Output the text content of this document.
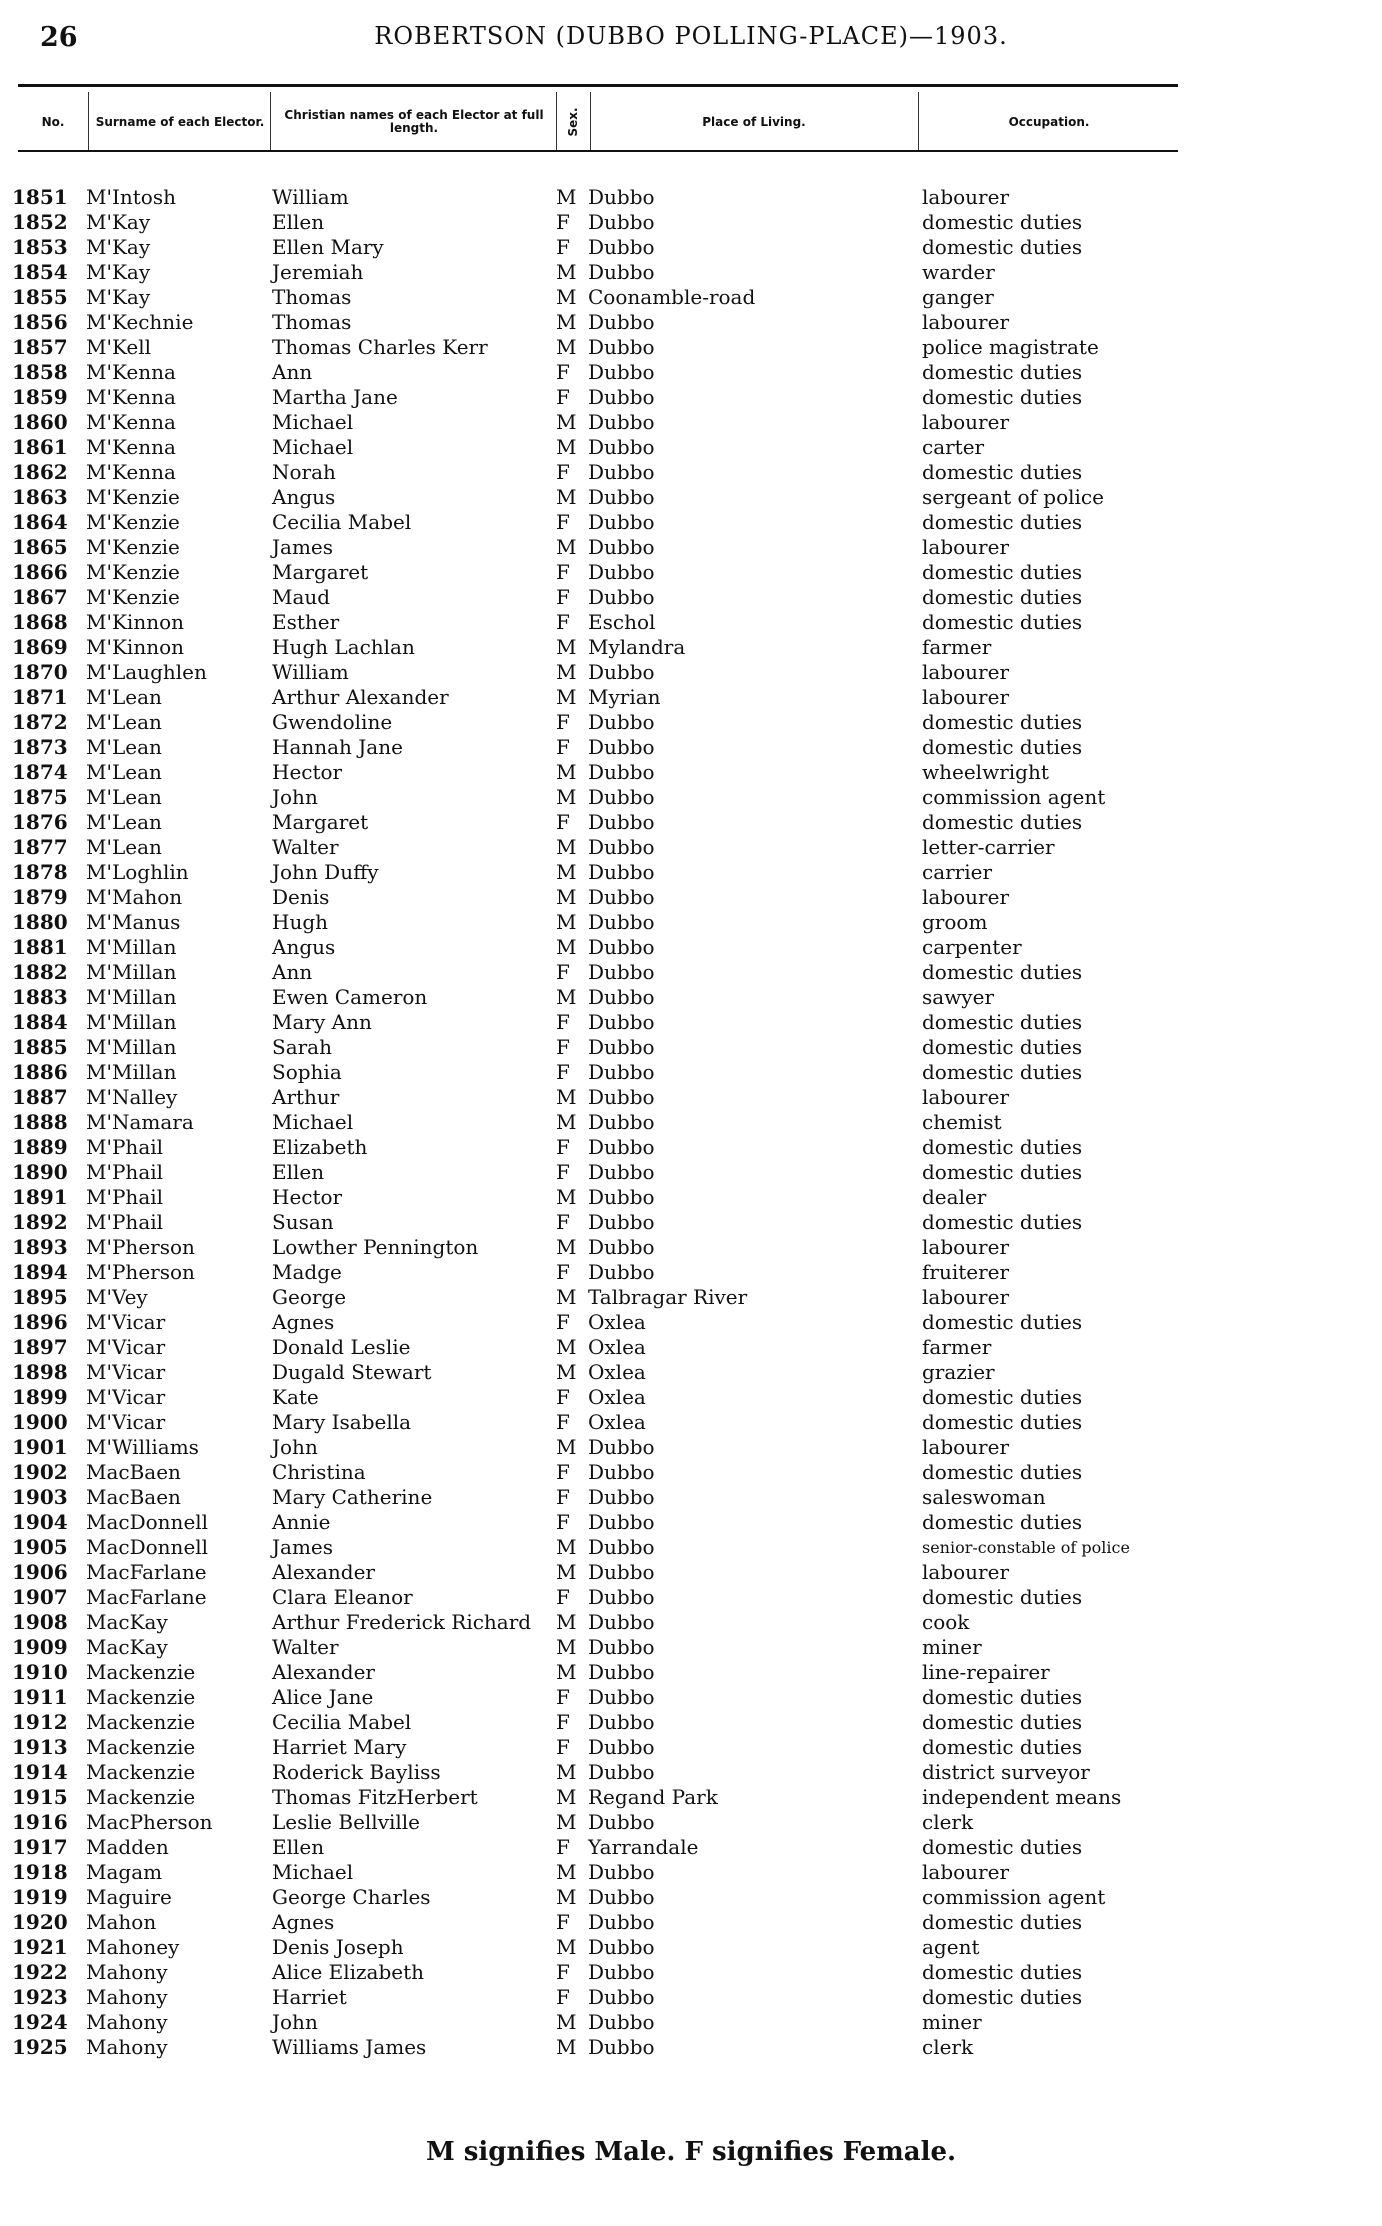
26	ROBERTSON (DUBBO POLLING-PLACE)—1903.
No.	Surname of each Elector.	Christian names of each Elector at full length.	Sex.	Place of Living.	Occupation.
1851 M'Intosh	William	M Dubbo	labourer
1852 M'Kay	Ellen	F Dubbo	domestic duties
1853 M'Kay	Ellen Mary	F Dubbo	domestic duties
1854 M'Kay	Jeremiah	M Dubbo	warder
1855 M'Kay	Thomas	M Coonamble-road	ganger
1856 M'Kechnie	Thomas	M Dubbo	labourer
1857 M'Kell	Thomas Charles Kerr	M Dubbo	police magistrate
1858 M'Kenna	Ann	F Dubbo	domestic duties
1859 M'Kenna	Martha Jane	F Dubbo	domestic duties
1860 M'Kenna	Michael	M Dubbo	labourer
1861 M'Kenna	Michael	M Dubbo	carter
1862 M'Kenna	Norah	F Dubbo	domestic duties
1863 M'Kenzie	Angus	M Dubbo	sergeant of police
1864 M'Kenzie	Cecilia Mabel	F Dubbo	domestic duties
1865 M'Kenzie	James	M Dubbo	labourer
1866 M'Kenzie	Margaret	F Dubbo	domestic duties
1867 M'Kenzie	Maud	F Dubbo	domestic duties
1868 M'Kinnon	Esther	F Eschol	domestic duties
1869 M'Kinnon	Hugh Lachlan	M Mylandra	farmer
1870 M'Laughlen	William	M Dubbo	labourer
1871 M'Lean	Arthur Alexander	M Myrian	labourer
1872 M'Lean	Gwendoline	F Dubbo	domestic duties
1873 M'Lean	Hannah Jane	F Dubbo	domestic duties
1874 M'Lean	Hector	M Dubbo	wheelwright
1875 M'Lean	John	M Dubbo	commission agent
1876 M'Lean	Margaret	F Dubbo	domestic duties
1877 M'Lean	Walter	M Dubbo	letter-carrier
1878 M'Loghlin	John Duffy	M Dubbo	carrier
1879 M'Mahon	Denis	M Dubbo	labourer
1880 M'Manus	Hugh	M Dubbo	groom
1881 M'Millan	Angus	M Dubbo	carpenter
1882 M'Millan	Ann	F Dubbo	domestic duties
1883 M'Millan	Ewen Cameron	M Dubbo	sawyer
1884 M'Millan	Mary Ann	F Dubbo	domestic duties
1885 M'Millan	Sarah	F Dubbo	domestic duties
1886 M'Millan	Sophia	F Dubbo	domestic duties
1887 M'Nalley	Arthur	M Dubbo	labourer
1888 M'Namara	Michael	M Dubbo	chemist
1889 M'Phail	Elizabeth	F Dubbo	domestic duties
1890 M'Phail	Ellen	F Dubbo	domestic duties
1891 M'Phail	Hector	M Dubbo	dealer
1892 M'Phail	Susan	F Dubbo	domestic duties
1893 M'Pherson	Lowther Pennington	M Dubbo	labourer
1894 M'Pherson	Madge	F Dubbo	fruiterer
1895 M'Vey	George	M Talbragar River	labourer
1896 M'Vicar	Agnes	F Oxlea	domestic duties
1897 M'Vicar	Donald Leslie	M Oxlea	farmer
1898 M'Vicar	Dugald Stewart	M Oxlea	grazier
1899 M'Vicar	Kate	F Oxlea	domestic duties
1900 M'Vicar	Mary Isabella	F Oxlea	domestic duties
1901 M'Williams	John	M Dubbo	labourer
1902 MacBaen	Christina	F Dubbo	domestic duties
1903 MacBaen	Mary Catherine	F Dubbo	saleswoman
1904 MacDonnell	Annie	F Dubbo	domestic duties
1905 MacDonnell	James	M Dubbo	senior-constable of police
1906 MacFarlane	Alexander	M Dubbo	labourer
1907 MacFarlane	Clara Eleanor	F Dubbo	domestic duties
1908 MacKay	Arthur Frederick Richard M Dubbo	cook
1909 MacKay	Walter	M Dubbo	miner
1910 Mackenzie	Alexander	M Dubbo	line-repairer
1911 Mackenzie	Alice Jane	F Dubbo	domestic duties
1912 Mackenzie	Cecilia Mabel	F Dubbo	domestic duties
1913 Mackenzie	Harriet Mary	F Dubbo	domestic duties
1914 Mackenzie	Roderick Bayliss	M Dubbo	district surveyor
1915 Mackenzie	Thomas FitzHerbert	M Regand Park	independent means
1916 MacPherson	Leslie Bellville	M Dubbo	clerk
1917 Madden	Ellen	F Yarrandale	domestic duties
1918 Magam	Michael	M Dubbo	labourer
1919 Maguire	George Charles	M Dubbo	commission agent
1920 Mahon	Agnes	F Dubbo	domestic duties
1921 Mahoney	Denis Joseph	M Dubbo	agent
1922 Mahony	Alice Elizabeth	F Dubbo	domestic duties
1923 Mahony	Harriet	F Dubbo	domestic duties
1924 Mahony	John	M Dubbo	miner
1925 Mahony	Williams James	M Dubbo	clerk
M signifies Male. F signifies Female.
